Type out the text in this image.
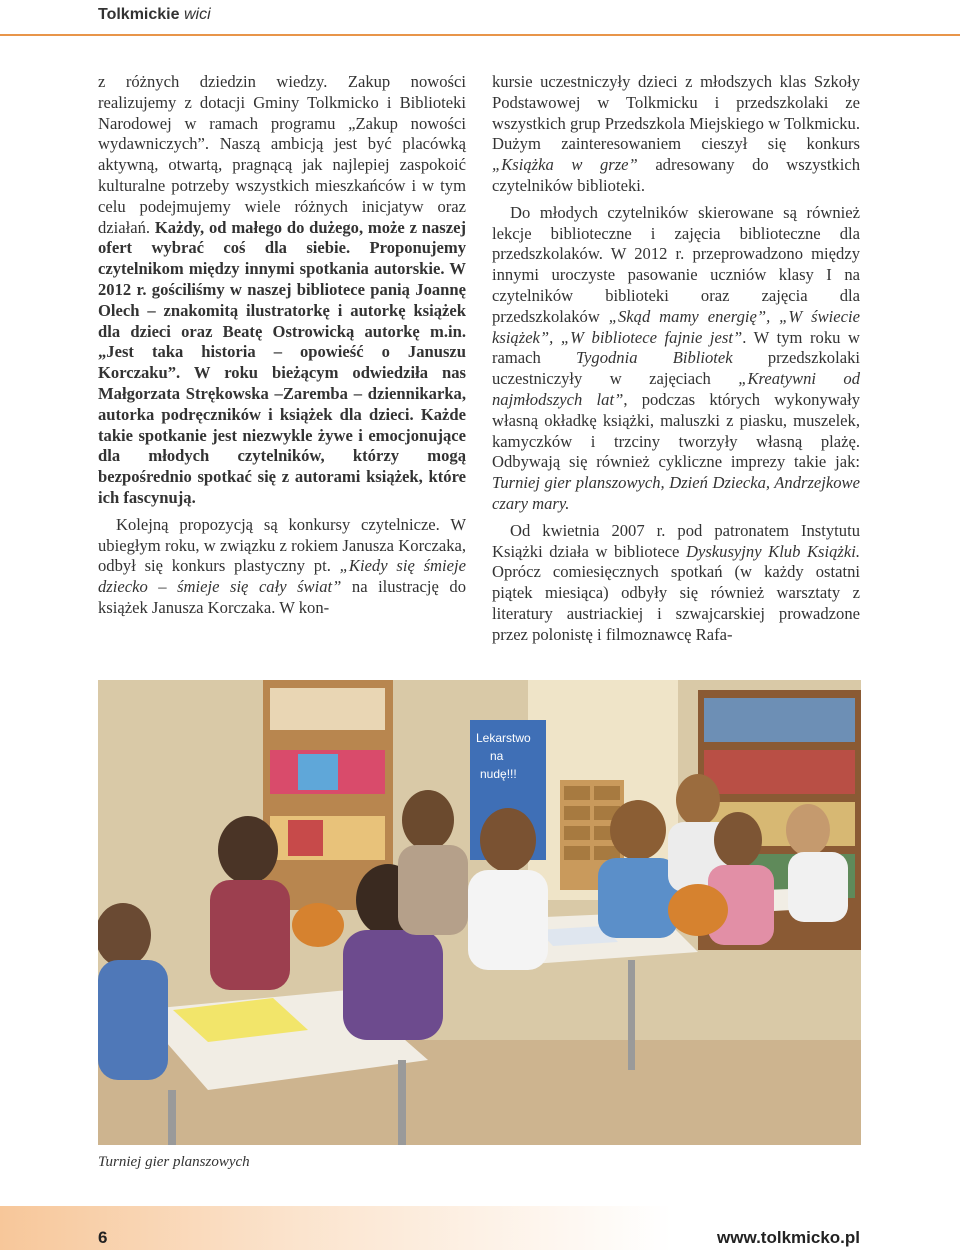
Tolkmickie wici

z różnych dziedzin wiedzy. Zakup nowości realizujemy z dotacji Gminy Tolkmicko i Biblioteki Narodowej w ramach programu „Zakup nowości wydawniczych”. Naszą ambicją jest być placówką aktywną, otwartą, pragnącą jak najlepiej zaspokoić kulturalne potrzeby wszystkich mieszkańców i w tym celu podejmujemy wiele różnych inicjatyw oraz działań. Każdy, od małego do dużego, może z naszej ofert wybrać coś dla siebie. Proponujemy czytelnikom między innymi spotkania autorskie. W 2012 r. gościliśmy w naszej bibliotece panią Joannę Olech – znakomitą ilustratorkę i autorkę książek dla dzieci oraz Beatę Ostrowicką autorkę m.in. „Jest taka historia – opowieść o Januszu Korczaku”. W roku bieżącym odwiedziła nas Małgorzata Strękowska –Zaremba – dziennikarka, autorka podręczników i książek dla dzieci. Każde takie spotkanie jest niezwykle żywe i emocjonujące dla młodych czytelników, którzy mogą bezpośrednio spotkać się z autorami książek, które ich fascynują.

Kolejną propozycją są konkursy czytelnicze. W ubiegłym roku, w związku z rokiem Janusza Korczaka, odbył się konkurs plastyczny pt. „Kiedy się śmieje dziecko – śmieje się cały świat” na ilustrację do książek Janusza Korczaka. W kon-

kursie uczestniczyły dzieci z młodszych klas Szkoły Podstawowej w Tolkmicku i przedszkolaki ze wszystkich grup Przedszkola Miejskiego w Tolkmicku. Dużym zainteresowaniem cieszył się konkurs „Książka w grze” adresowany do wszystkich czytelników biblioteki.

Do młodych czytelników skierowane są również lekcje biblioteczne i zajęcia biblioteczne dla przedszkolaków. W 2012 r. przeprowadzono między innymi uroczyste pasowanie uczniów klasy I na czytelników biblioteki oraz zajęcia dla przedszkolaków „Skąd mamy energię”, „W świecie książek”, „W bibliotece fajnie jest”. W tym roku w ramach Tygodnia Bibliotek przedszkolaki uczestniczyły w zajęciach „Kreatywni od najmłodszych lat”, podczas których wykonywały własną okładkę książki, maluszki z piasku, muszelek, kamyczków i trzciny tworzyły własną plażę. Odbywają się również cykliczne imprezy takie jak: Turniej gier planszowych, Dzień Dziecka, Andrzejkowe czary mary.

Od kwietnia 2007 r. pod patronatem Instytutu Książki działa w bibliotece Dyskusyjny Klub Książki. Oprócz comiesięcznych spotkań (w każdy ostatni piątek miesiąca) odbyły się również warsztaty z literatury austriackiej i szwajcarskiej prowadzone przez polonistę i filmoznawcę Rafa-

Lekarstwo
na
nudę!!!
Turniej gier planszowych
6	www.tolkmicko.pl
